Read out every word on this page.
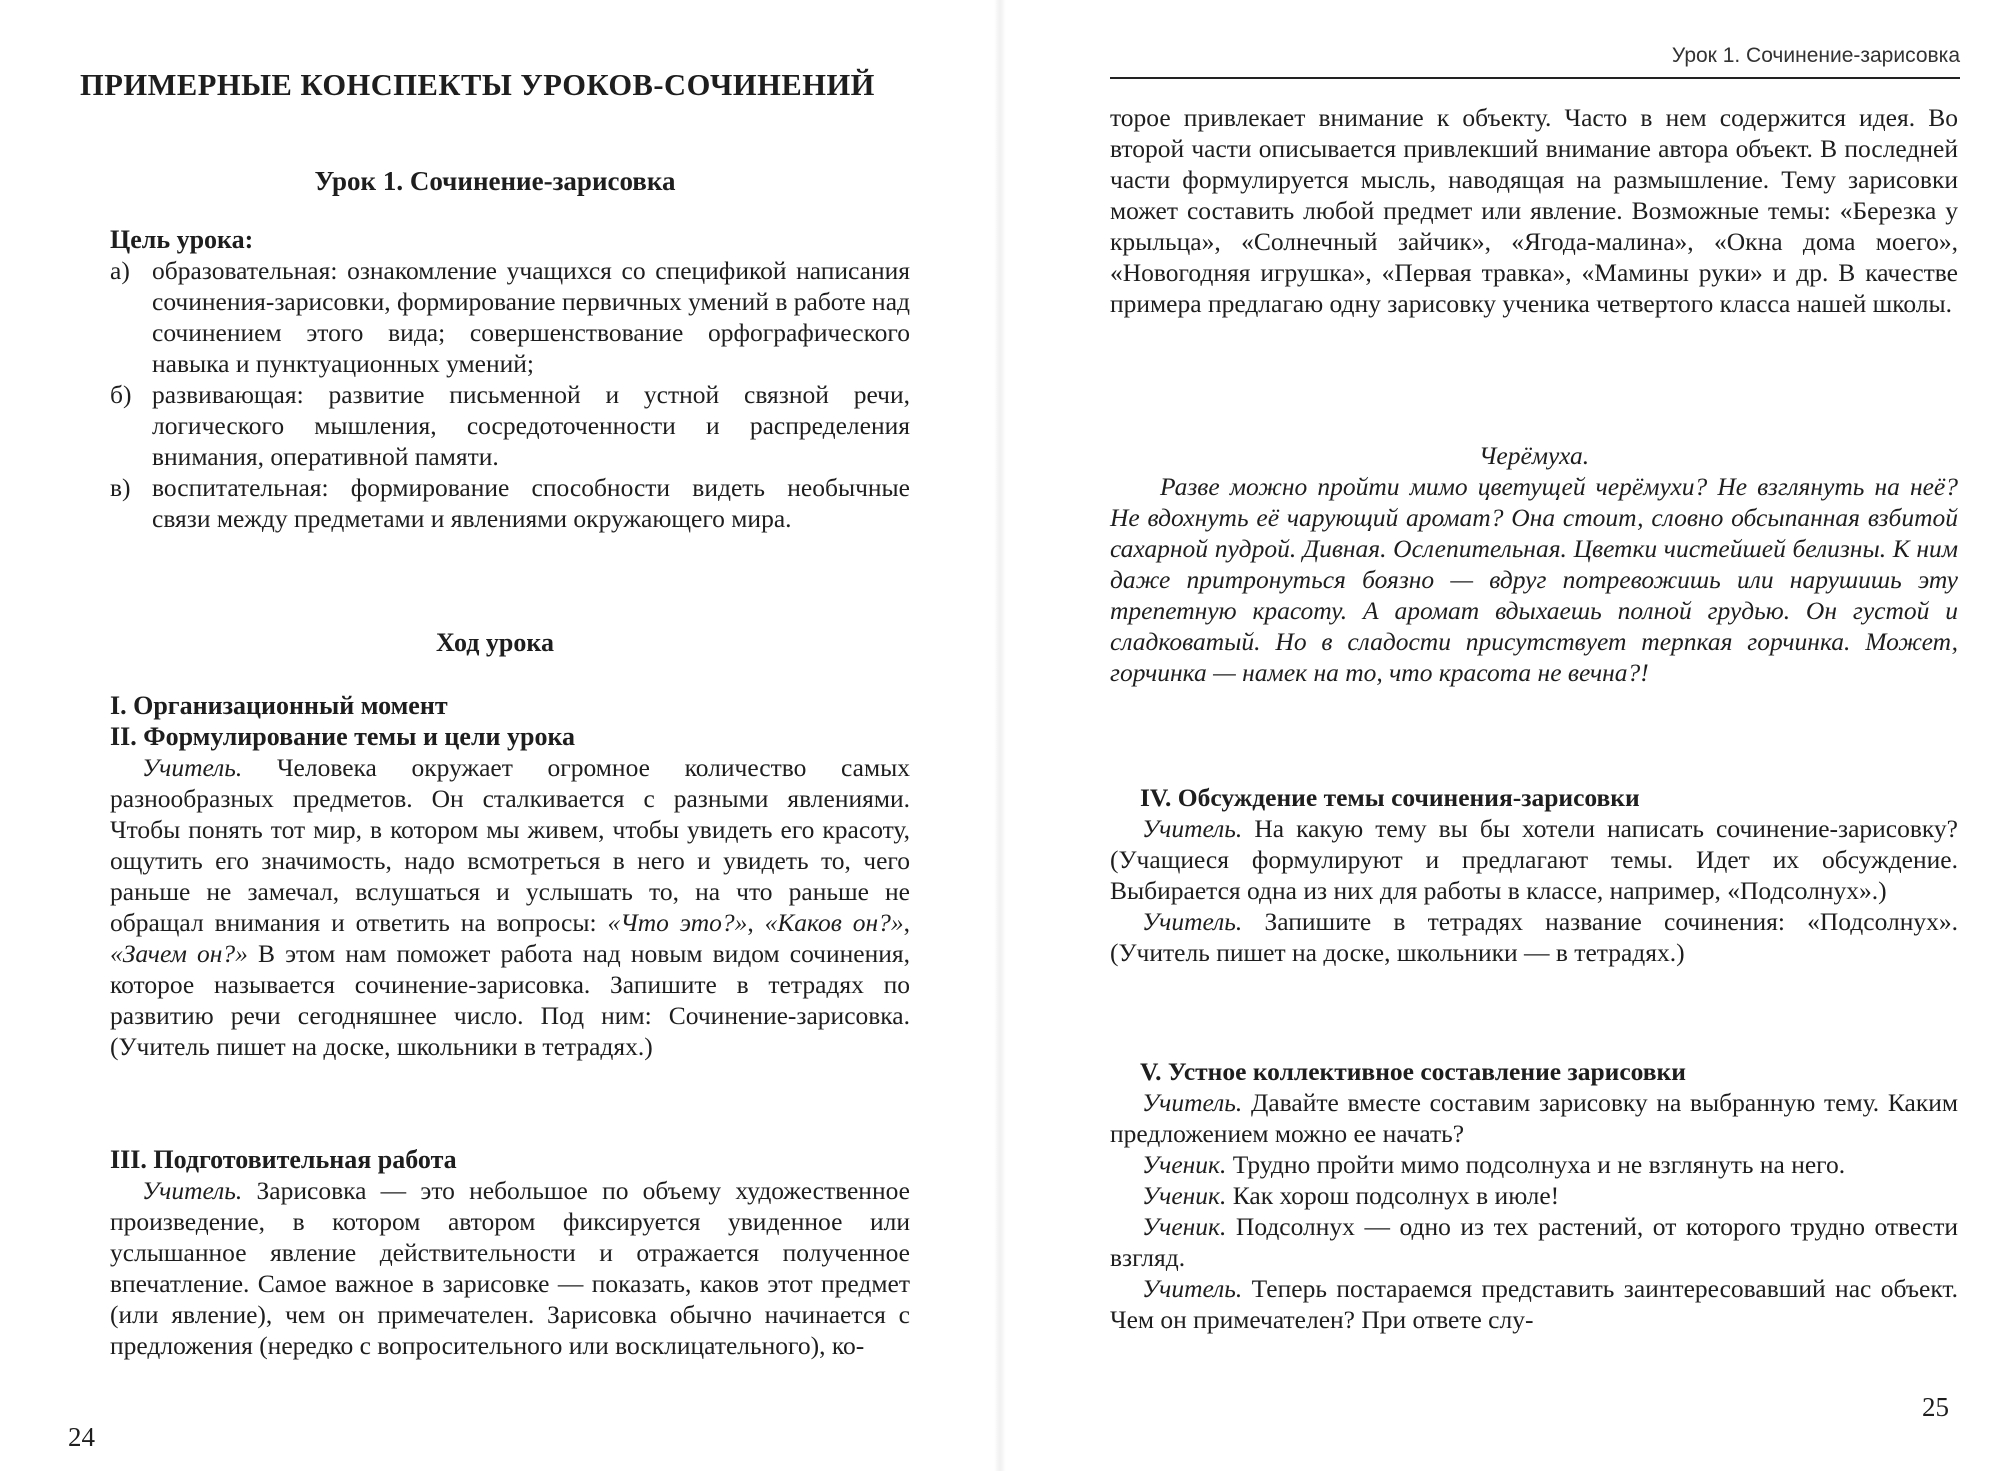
ПРИМЕРНЫЕ КОНСПЕКТЫ УРОКОВ-СОЧИНЕНИЙ
Урок 1. Сочинение-зарисовка
Цель урока:
а) образовательная: ознакомление учащихся со спецификой написания сочинения-зарисовки, формирование первичных умений в работе над сочинением этого вида; совершенствование орфографического навыка и пунктуационных умений;
б) развивающая: развитие письменной и устной связной речи, логического мышления, сосредоточенности и распределения внимания, оперативной памяти.
в) воспитательная: формирование способности видеть необычные связи между предметами и явлениями окружающего мира.
Ход урока
I. Организационный момент
II. Формулирование темы и цели урока

Учитель. Человека окружает огромное количество самых разнообразных предметов. Он сталкивается с разными явлениями. Чтобы понять тот мир, в котором мы живем, чтобы увидеть его красоту, ощутить его значимость, надо всмотреться в него и увидеть то, чего раньше не замечал, вслушаться и услышать то, на что раньше не обращал внимания и ответить на вопросы: «Что это?», «Каков он?», «Зачем он?» В этом нам поможет работа над новым видом сочинения, которое называется сочинение-зарисовка. Запишите в тетрадях по развитию речи сегодняшнее число. Под ним: Сочинение-зарисовка. (Учитель пишет на доске, школьники в тетрадях.)

III. Подготовительная работа

Учитель. Зарисовка — это небольшое по объему художественное произведение, в котором автором фиксируется увиденное или услышанное явление действительности и отражается полученное впечатление. Самое важное в зарисовке — показать, каков этот предмет (или явление), чем он примечателен. Зарисовка обычно начинается с предложения (нередко с вопросительного или восклицательного), ко-

24
Урок 1. Сочинение-зарисовка

торое привлекает внимание к объекту. Часто в нем содержится идея. Во второй части описывается привлекший внимание автора объект. В последней части формулируется мысль, наводящая на размышление. Тему зарисовки может составить любой предмет или явление. Возможные темы: «Березка у крыльца», «Солнечный зайчик», «Ягода-малина», «Окна дома моего», «Новогодняя игрушка», «Первая травка», «Мамины руки» и др. В качестве примера предлагаю одну зарисовку ученика четвертого класса нашей школы.

Черёмуха.

Разве можно пройти мимо цветущей черёмухи? Не взглянуть на неё? Не вдохнуть её чарующий аромат? Она стоит, словно обсыпанная взбитой сахарной пудрой. Дивная. Ослепительная. Цветки чистейшей белизны. К ним даже притронуться боязно — вдруг потревожишь или нарушишь эту трепетную красоту. А аромат вдыхаешь полной грудью. Он густой и сладковатый. Но в сладости присутствует терпкая горчинка. Может, горчинка — намек на то, что красота не вечна?!

IV. Обсуждение темы сочинения-зарисовки

Учитель. На какую тему вы бы хотели написать сочинение-зарисовку? (Учащиеся формулируют и предлагают темы. Идет их обсуждение. Выбирается одна из них для работы в классе, например, «Подсолнух».)

Учитель. Запишите в тетрадях название сочинения: «Подсолнух». (Учитель пишет на доске, школьники — в тетрадях.)

V. Устное коллективное составление зарисовки

Учитель. Давайте вместе составим зарисовку на выбранную тему. Каким предложением можно ее начать?

Ученик. Трудно пройти мимо подсолнуха и не взглянуть на него.

Ученик. Как хорош подсолнух в июле!

Ученик. Подсолнух — одно из тех растений, от которого трудно отвести взгляд.

Учитель. Теперь постараемся представить заинтересовавший нас объект. Чем он примечателен? При ответе слу-

25
